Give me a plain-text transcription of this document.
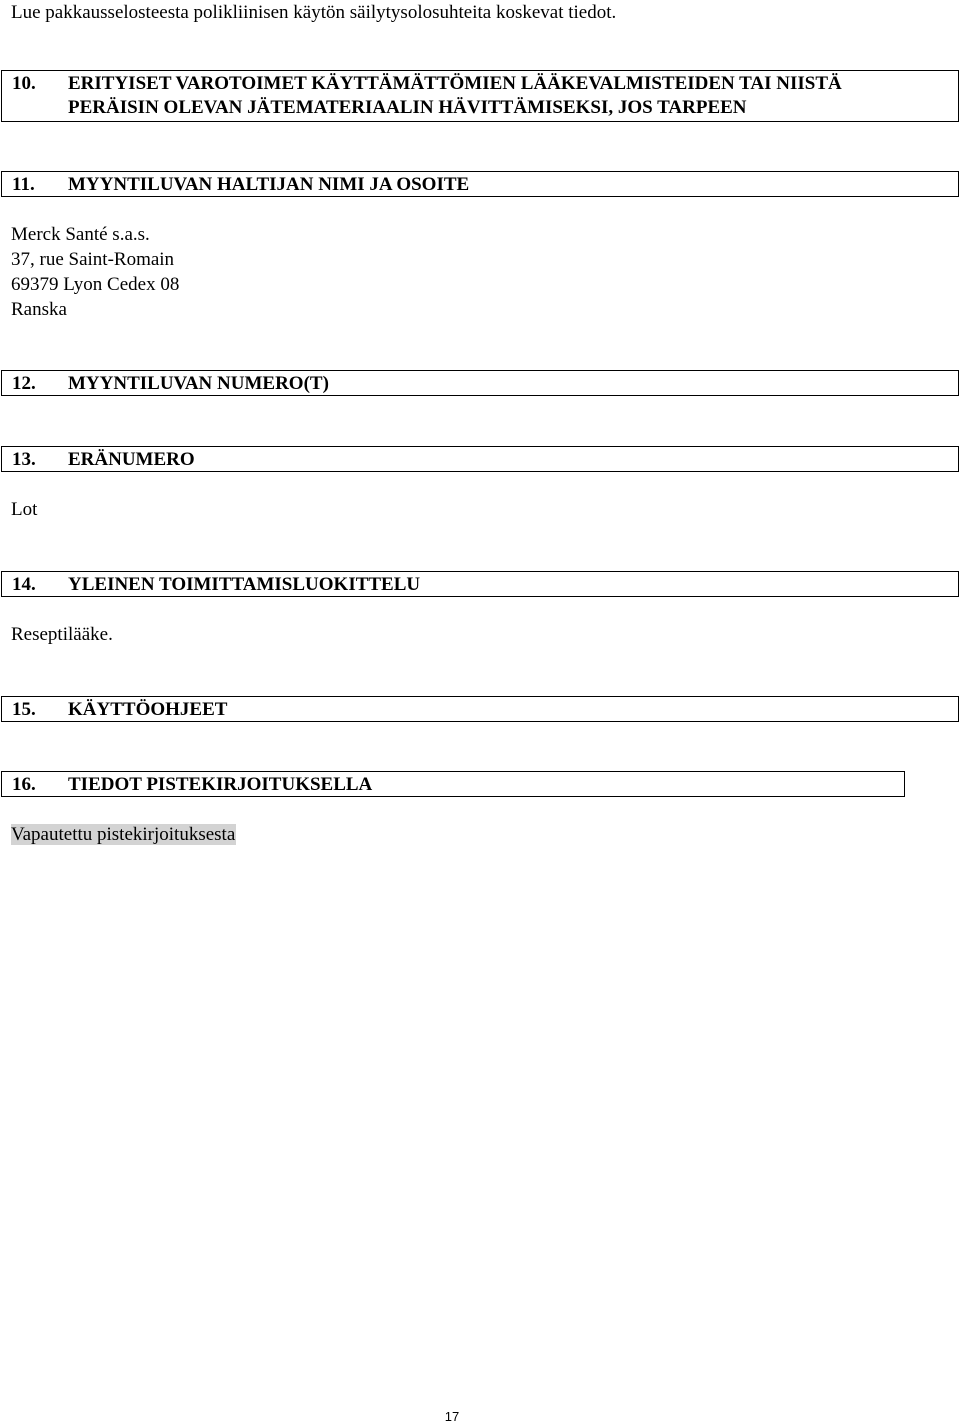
Lue pakkausselosteesta polikliinisen käytön säilytysolosuhteita koskevat tiedot.
10. ERITYISET VAROTOIMET KÄYTTÄMÄTTÖMIEN LÄÄKEVALMISTEIDEN TAI NIISTÄ
PERÄISIN OLEVAN JÄTEMATERIAALIN HÄVITTÄMISEKSI, JOS TARPEEN
11. MYYNTILUVAN HALTIJAN NIMI JA OSOITE
Merck Santé s.a.s.
37, rue Saint-Romain
69379 Lyon Cedex 08
Ranska
12. MYYNTILUVAN NUMERO(T)
13. ERÄNUMERO
Lot
14. YLEINEN TOIMITTAMISLUOKITTELU
Reseptilääke.
15. KÄYTTÖOHJEET
16. TIEDOT PISTEKIRJOITUKSELLA
Vapautettu pistekirjoituksesta
17
